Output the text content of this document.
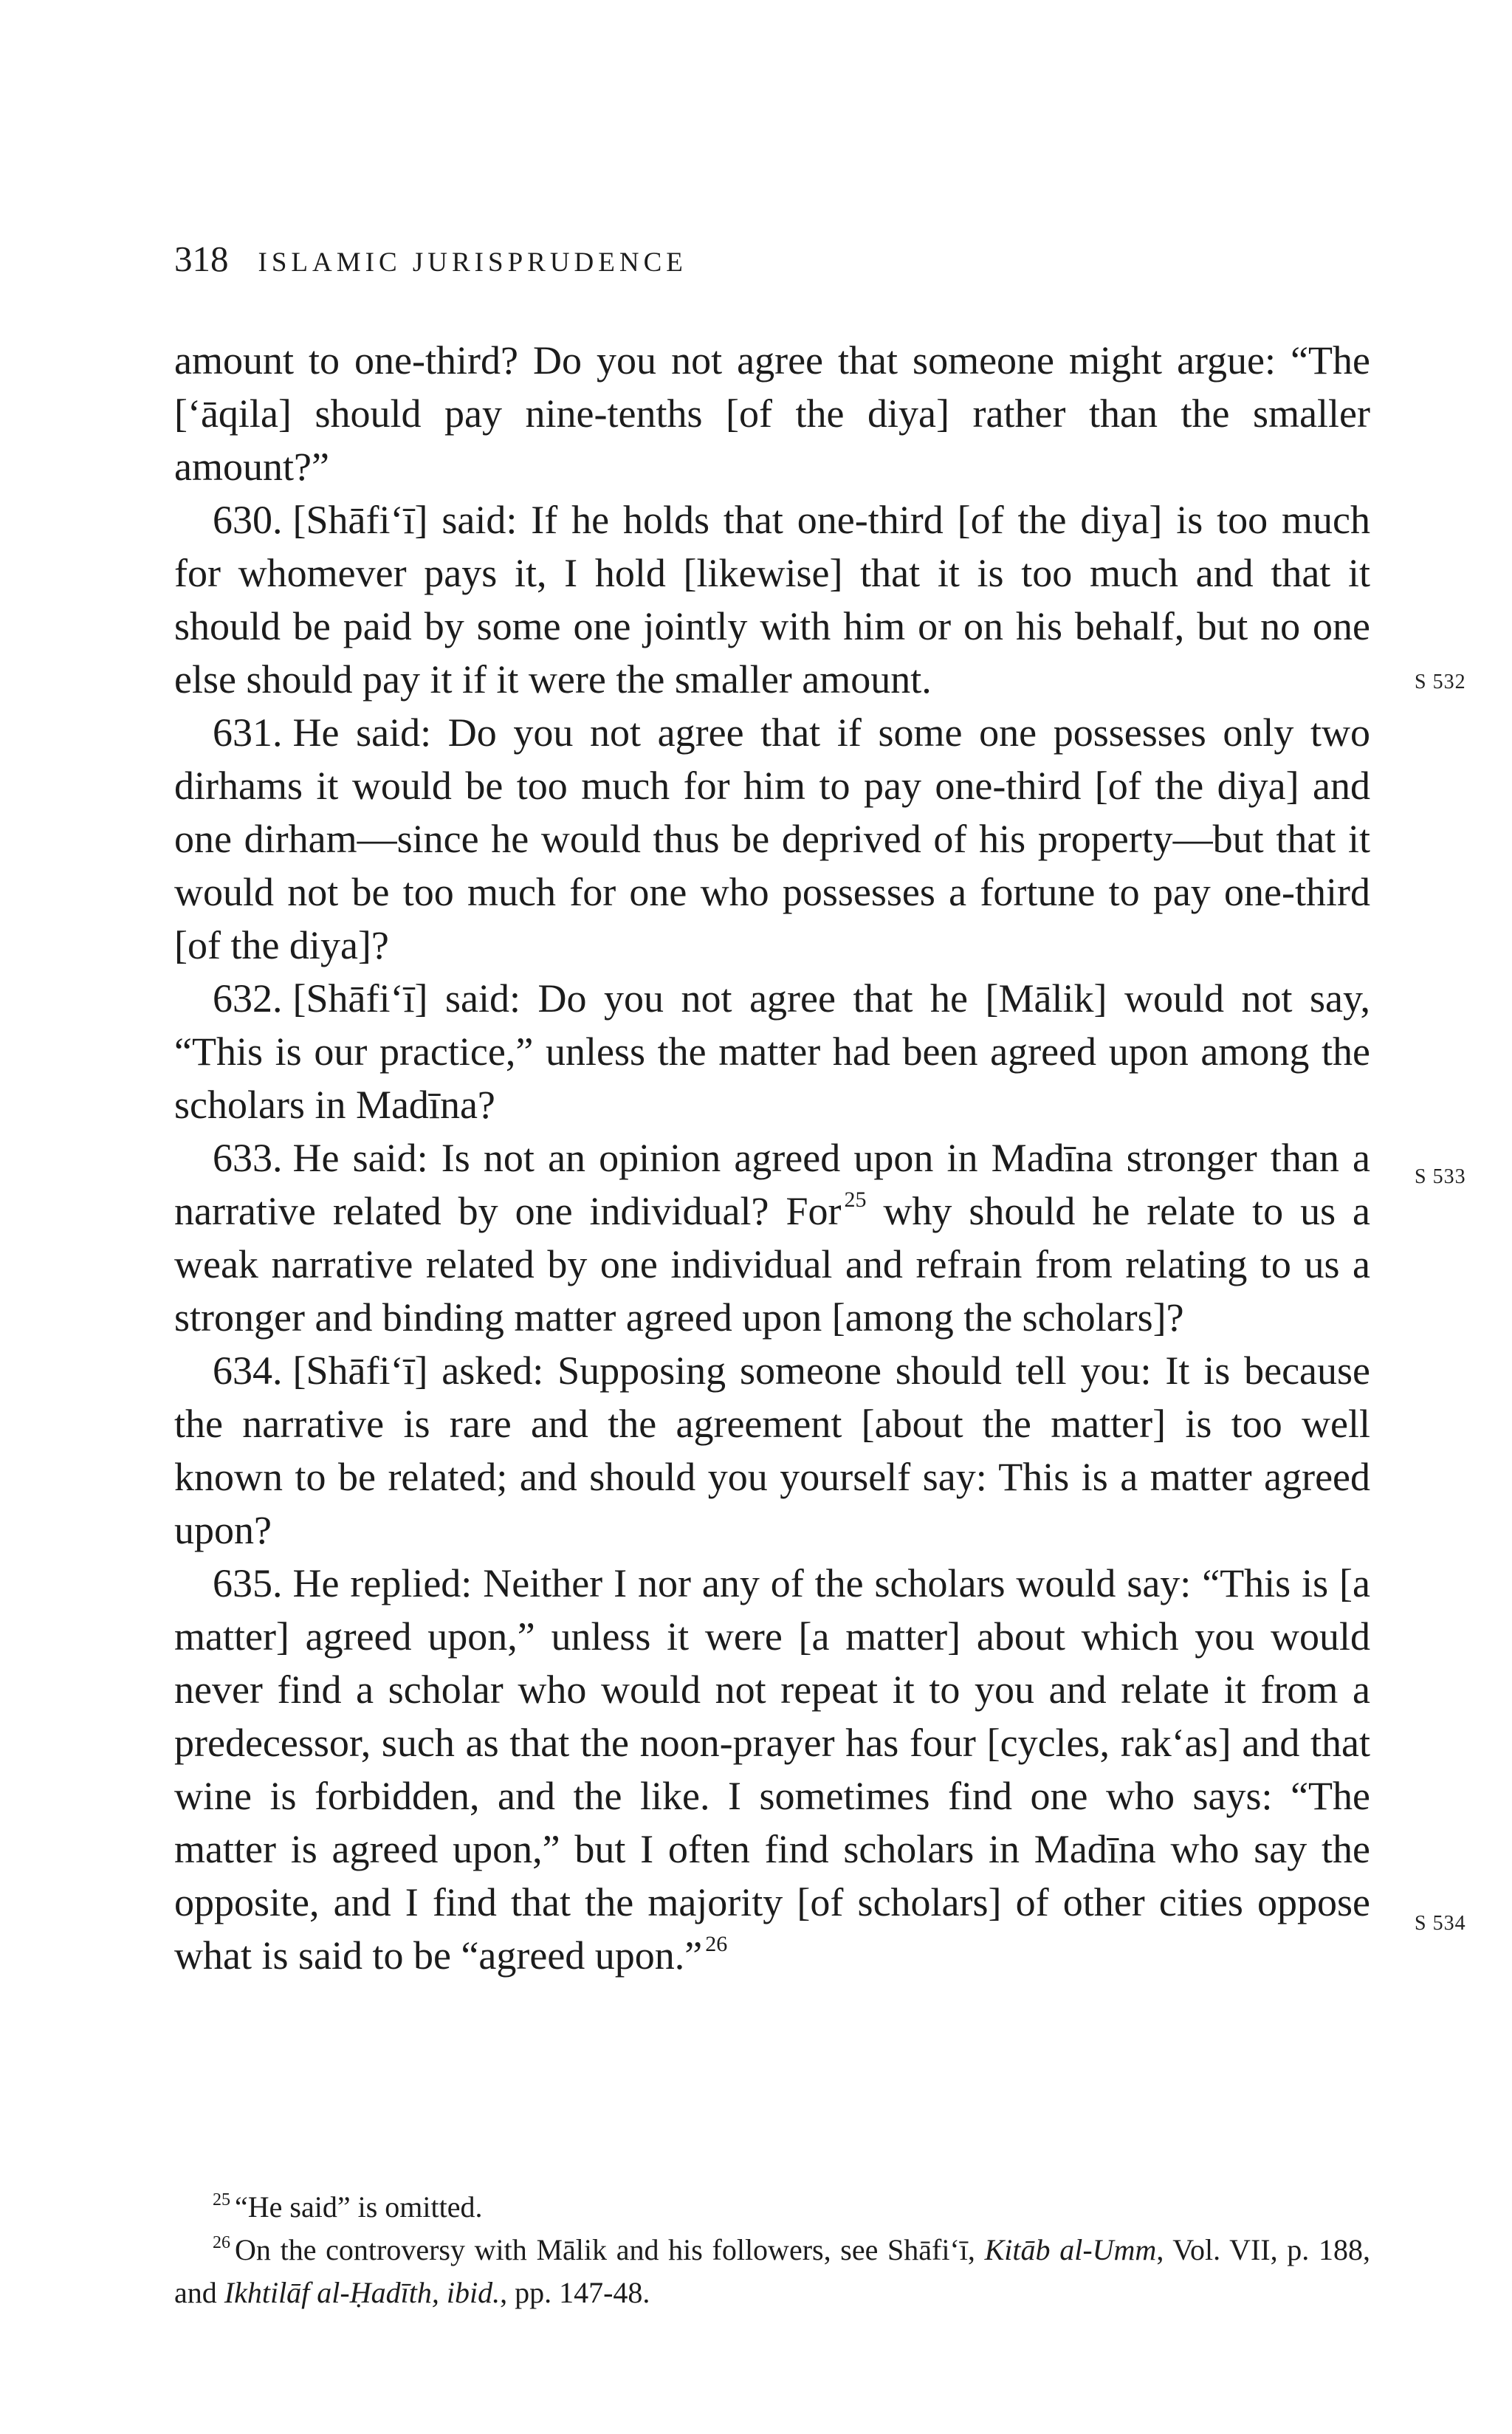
318 ISLAMIC JURISPRUDENCE

amount to one-third? Do you not agree that someone might argue: “The [‘āqila] should pay nine-tenths [of the diya] rather than the smaller amount?”

630. [Shāfi‘ī] said: If he holds that one-third [of the diya] is too much for whomever pays it, I hold [likewise] that it is too much and that it should be paid by some one jointly with him or on his behalf, but no one else should pay it if it were the smaller amount.

631. He said: Do you not agree that if some one possesses only two dirhams it would be too much for him to pay one-third [of the diya] and one dirham—since he would thus be deprived of his property—but that it would not be too much for one who possesses a fortune to pay one-third [of the diya]?

632. [Shāfi‘ī] said: Do you not agree that he [Mālik] would not say, “This is our practice,” unless the matter had been agreed upon among the scholars in Madīna?

633. He said: Is not an opinion agreed upon in Madīna stronger than a narrative related by one individual? For $^{25}$ why should he relate to us a weak narrative related by one individual and refrain from relating to us a stronger and binding matter agreed upon [among the scholars]?

634. [Shāfi‘ī] asked: Supposing someone should tell you: It is because the narrative is rare and the agreement [about the matter] is too well known to be related; and should you yourself say: This is a matter agreed upon?

635. He replied: Neither I nor any of the scholars would say: “This is [a matter] agreed upon,” unless it were [a matter] about which you would never find a scholar who would not repeat it to you and relate it from a predecessor, such as that the noon-prayer has four [cycles, rak‘as] and that wine is forbidden, and the like. I sometimes find one who says: “The matter is agreed upon,” but I often find scholars in Madīna who say the opposite, and I find that the majority [of scholars] of other cities oppose what is said to be “agreed upon.” $^{26}$

S 532
S 533
S 534

$^{25}$ “He said” is omitted.

$^{26}$ On the controversy with Mālik and his followers, see Shāfi‘ī, Kitāb al-Umm, Vol. VII, p. 188, and Ikhtilāf al-Ḥadīth, ibid., pp. 147-48.
